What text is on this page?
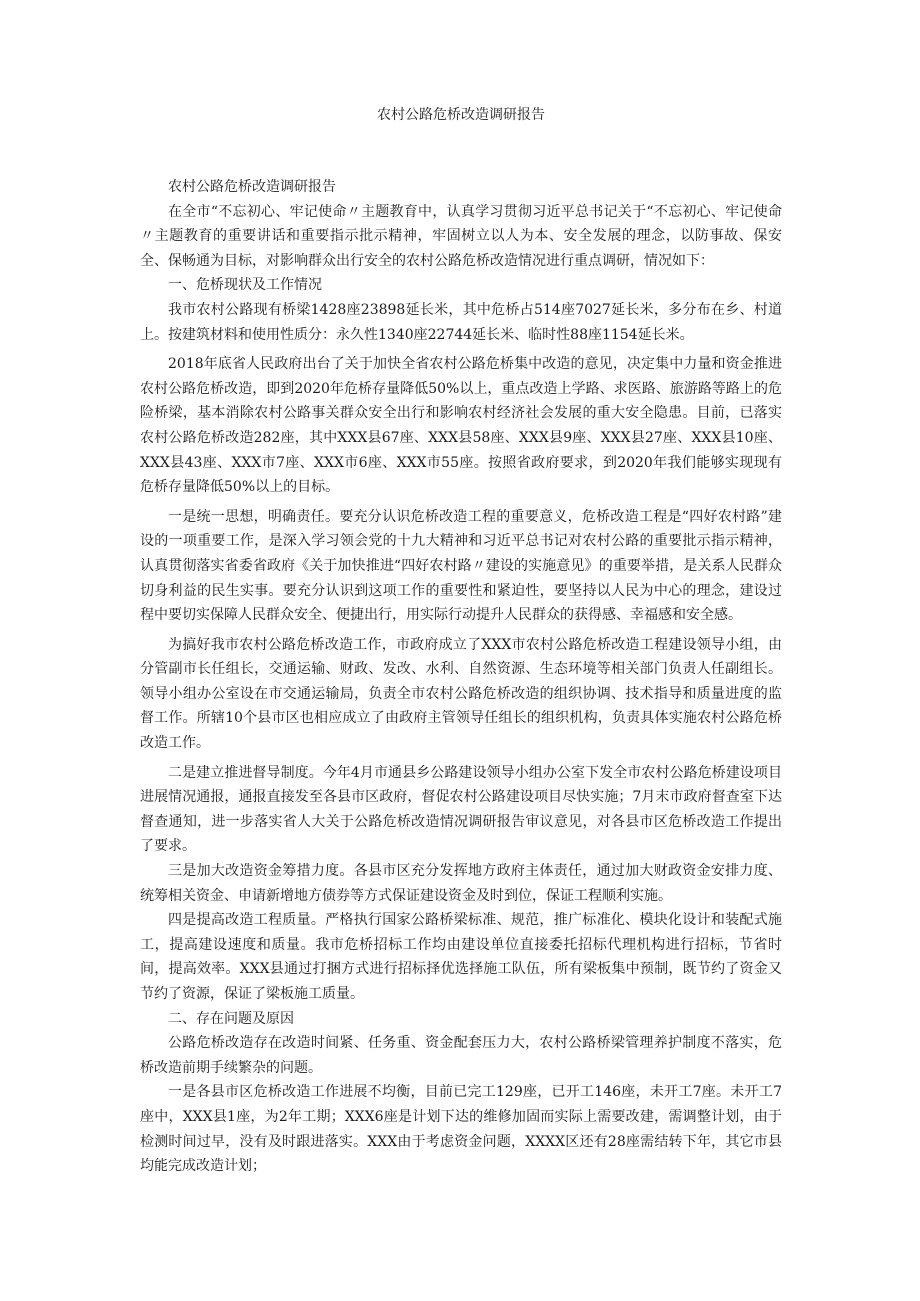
农村公路危桥改造调研报告

农村公路危桥改造调研报告

在全市“不忘初心、牢记使命〃主题教育中，认真学习贯彻习近平总书记关于“不忘初心、牢记使命〃主题教育的重要讲话和重要指示批示精神，牢固树立以人为本、安全发展的理念，以防事故、保安全、保畅通为目标，对影响群众出行安全的农村公路危桥改造情况进行重点调研，情况如下：

一、危桥现状及工作情况

我市农村公路现有桥梁1428座23898延长米，其中危桥占514座7027延长米，多分布在乡、村道上。按建筑材料和使用性质分：永久性1340座22744延长米、临时性88座1154延长米。

2018年底省人民政府出台了关于加快全省农村公路危桥集中改造的意见，决定集中力量和资金推进农村公路危桥改造，即到2020年危桥存量降低50%以上，重点改造上学路、求医路、旅游路等路上的危险桥梁，基本消除农村公路事关群众安全出行和影响农村经济社会发展的重大安全隐患。目前，已落实农村公路危桥改造282座，其中XXX县67座、XXX县58座、XXX县9座、XXX县27座、XXX县10座、XXX县43座、XXX市7座、XXX市6座、XXX市55座。按照省政府要求，到2020年我们能够实现现有危桥存量降低50%以上的目标。

一是统一思想，明确责任。要充分认识危桥改造工程的重要意义，危桥改造工程是“四好农村路”建设的一项重要工作，是深入学习领会党的十九大精神和习近平总书记对农村公路的重要批示指示精神，认真贯彻落实省委省政府《关于加快推进“四好农村路〃建设的实施意见》的重要举措，是关系人民群众切身利益的民生实事。要充分认识到这项工作的重要性和紧迫性，要坚持以人民为中心的理念，建设过程中要切实保障人民群众安全、便捷出行，用实际行动提升人民群众的获得感、幸福感和安全感。

为搞好我市农村公路危桥改造工作，市政府成立了XXX市农村公路危桥改造工程建设领导小组，由分管副市长任组长，交通运输、财政、发改、水利、自然资源、生态环境等相关部门负责人任副组长。领导小组办公室设在市交通运输局，负责全市农村公路危桥改造的组织协调、技术指导和质量进度的监督工作。所辖10个县市区也相应成立了由政府主管领导任组长的组织机构，负责具体实施农村公路危桥改造工作。

二是建立推进督导制度。今年4月市通县乡公路建设领导小组办公室下发全市农村公路危桥建设项目进展情况通报，通报直接发至各县市区政府，督促农村公路建设项目尽快实施；7月末市政府督查室下达督查通知，进一步落实省人大关于公路危桥改造情况调研报告审议意见，对各县市区危桥改造工作提出了要求。

三是加大改造资金筹措力度。各县市区充分发挥地方政府主体责任，通过加大财政资金安排力度、统筹相关资金、申请新增地方债券等方式保证建设资金及时到位，保证工程顺利实施。

四是提高改造工程质量。严格执行国家公路桥梁标准、规范，推广标准化、模块化设计和装配式施工，提高建设速度和质量。我市危桥招标工作均由建设单位直接委托招标代理机构进行招标，节省时间，提高效率。XXX县通过打捆方式进行招标择优选择施工队伍，所有梁板集中预制，既节约了资金又节约了资源，保证了梁板施工质量。

二、存在问题及原因

公路危桥改造存在改造时间紧、任务重、资金配套压力大，农村公路桥梁管理养护制度不落实，危桥改造前期手续繁杂的问题。

一是各县市区危桥改造工作进展不均衡，目前已完工129座，已开工146座，未开工7座。未开工7座中，XXX县1座，为2年工期；XXX6座是计划下达的维修加固而实际上需要改建，需调整计划，由于检测时间过早，没有及时跟进落实。XXX由于考虑资金问题，XXXX区还有28座需结转下年，其它市县均能完成改造计划；
